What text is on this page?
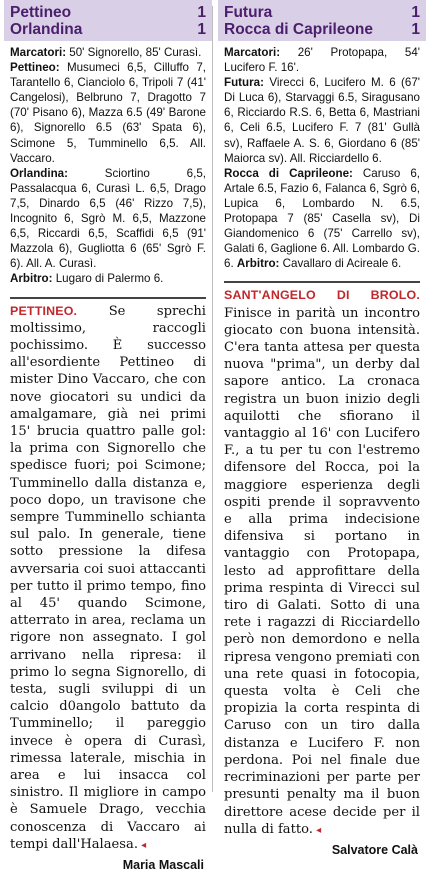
Pettineo	1
Orlandina	1

Marcatori: 50' Signorello, 85' Curasì.

Pettineo: Musumeci 6,5, Cilluffo 7, Tarantello 6, Cianciolo 6, Tripoli 7 (41' Cangelosi), Belbruno 7, Dragotto 7 (70' Pisano 6), Mazza 6.5 (49' Barone 6), Signorello 6.5 (63' Spata 6), Scimone 5, Tumminello 6,5. All. Vaccaro.

Orlandina: Sciortino 6,5, Passalacqua 6, Curasì L. 6,5, Drago 7,5, Dinardo 6,5 (46' Rizzo 7,5), Incognito 6, Sgrò M. 6,5, Mazzone 6,5, Riccardi 6,5, Scaffidi 6,5 (91' Mazzola 6), Gugliotta 6 (65' Sgrò F. 6). All. A. Curasì.

Arbitro: Lugaro di Palermo 6.

PETTINEO. Se sprechi moltissimo, raccogli pochissimo. È successo all'esordiente Pettineo di mister Dino Vaccaro, che con nove giocatori su undici da amalgamare, già nei primi 15' brucia quattro palle gol: la prima con Signorello che spedisce fuori; poi Scimone; Tumminello dalla distanza e, poco dopo, un travisone che sempre Tumminello schianta sul palo. In generale, tiene sotto pressione la difesa avversaria coi suoi attaccanti per tutto il primo tempo, fino al 45' quando Scimone, atterrato in area, reclama un rigore non assegnato. I gol arrivano nella ripresa: il primo lo segna Signorello, di testa, sugli sviluppi di un calcio d0angolo battuto da Tumminello; il pareggio invece è opera di Curasì, rimessa laterale, mischia in area e lui insacca col sinistro. Il migliore in campo è Samuele Drago, vecchia conoscenza di Vaccaro ai tempi dall'Halaesa. ◂
Maria Mascali
Futura	1
Rocca di Caprileone 1

Marcatori: 26' Protopapa, 54' Lucifero F. 16'.

Futura: Virecci 6, Lucifero M. 6 (67' Di Luca 6), Starvaggi 6.5, Siragusano 6, Ricciardo R.S. 6, Betta 6, Mastriani 6, Celi 6.5, Lucifero F. 7 (81' Gullà sv), Raffaele A. S. 6, Giordano 6 (85' Maiorca sv). All. Ricciardello 6.

Rocca di Caprileone: Caruso 6, Artale 6.5, Fazio 6, Falanca 6, Sgrò 6, Lupica 6, Lombardo N. 6.5, Protopapa 7 (85' Casella sv), Di Giandomenico 6 (75' Carrello sv), Galati 6, Gaglione 6. All. Lombardo G. 6. Arbitro: Cavallaro di Acireale 6.

SANT'ANGELO DI BROLO. Finisce in parità un incontro giocato con buona intensità. C'era tanta attesa per questa nuova "prima", un derby dal sapore antico. La cronaca registra un buon inizio degli aquilotti che sfiorano il vantaggio al 16' con Lucifero F., a tu per tu con l'estremo difensore del Rocca, poi la maggiore esperienza degli ospiti prende il sopravvento e alla prima indecisione difensiva si portano in vantaggio con Protopapa, lesto ad approfittare della prima respinta di Virecci sul tiro di Galati. Sotto di una rete i ragazzi di Ricciardello però non demordono e nella ripresa vengono premiati con una rete quasi in fotocopia, questa volta è Celi che propizia la corta respinta di Caruso con un tiro dalla distanza e Lucifero F. non perdona. Poi nel finale due recriminazioni per parte per presunti penalty ma il buon direttore acese decide per il nulla di fatto. ◂
Salvatore Calà
